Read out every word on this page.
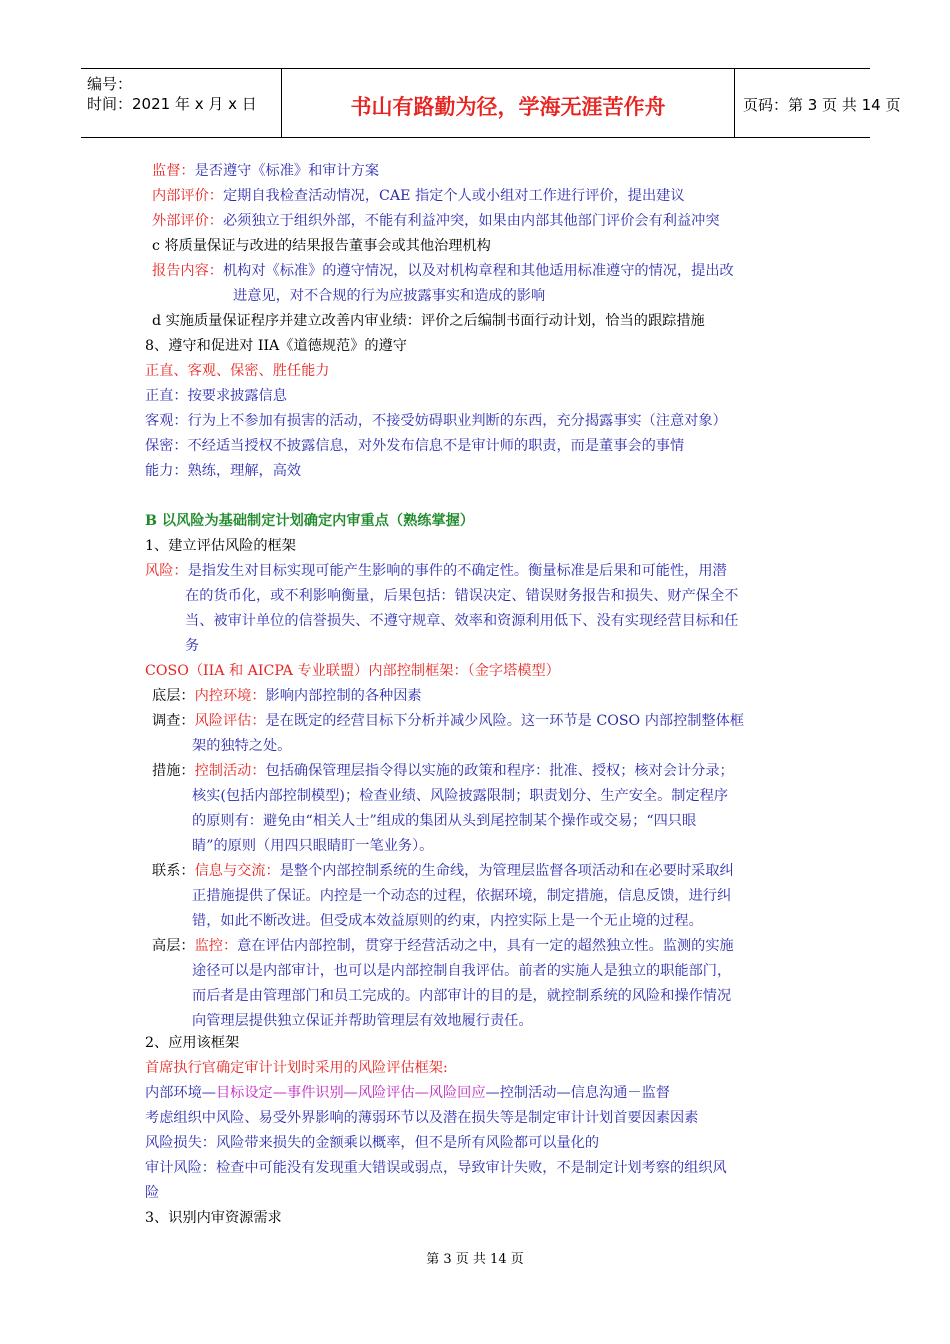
编号：
时间：2021 年 x 月 x 日	书山有路勤为径，学海无涯苦作舟	页码：第 3 页 共 14 页
监督：是否遵守《标准》和审计方案
内部评价：定期自我检查活动情况，CAE 指定个人或小组对工作进行评价，提出建议
外部评价：必须独立于组织外部，不能有利益冲突，如果由内部其他部门评价会有利益冲突
c 将质量保证与改进的结果报告董事会或其他治理机构
报告内容：机构对《标准》的遵守情况，以及对机构章程和其他适用标准遵守的情况，提出改
进意见，对不合规的行为应披露事实和造成的影响
d 实施质量保证程序并建立改善内审业绩：评价之后编制书面行动计划，恰当的跟踪措施
8、遵守和促进对 IIA《道德规范》的遵守
正直、客观、保密、胜任能力
正直：按要求披露信息
客观：行为上不参加有损害的活动，不接受妨碍职业判断的东西，充分揭露事实（注意对象）
保密：不经适当授权不披露信息，对外发布信息不是审计师的职责，而是董事会的事情
能力：熟练，理解，高效
B 以风险为基础制定计划确定内审重点（熟练掌握）
1、建立评估风险的框架
风险：是指发生对目标实现可能产生影响的事件的不确定性。衡量标准是后果和可能性，用潜
在的货币化，或不利影响衡量，后果包括：错误决定、错误财务报告和损失、财产保全不
当、被审计单位的信誉损失、不遵守规章、效率和资源利用低下、没有实现经营目标和任
务
COSO（IIA 和 AICPA 专业联盟）内部控制框架：（金字塔模型）
底层：内控环境：影响内部控制的各种因素
调查：风险评估：是在既定的经营目标下分析并减少风险。这一环节是 COSO 内部控制整体框
架的独特之处。
措施：控制活动：包括确保管理层指令得以实施的政策和程序：批准、授权；核对会计分录；
核实(包括内部控制模型)；检查业绩、风险披露限制；职责划分、生产安全。制定程序
的原则有：避免由“相关人士”组成的集团从头到尾控制某个操作或交易；“四只眼
睛”的原则（用四只眼睛盯一笔业务）。
联系：信息与交流：是整个内部控制系统的生命线，为管理层监督各项活动和在必要时采取纠
正措施提供了保证。内控是一个动态的过程，依据环境，制定措施，信息反馈，进行纠
错，如此不断改进。但受成本效益原则的约束，内控实际上是一个无止境的过程。
高层：监控：意在评估内部控制，贯穿于经营活动之中，具有一定的超然独立性。监测的实施
途径可以是内部审计，也可以是内部控制自我评估。前者的实施人是独立的职能部门，
而后者是由管理部门和员工完成的。内部审计的目的是，就控制系统的风险和操作情况
向管理层提供独立保证并帮助管理层有效地履行责任。
2、应用该框架
首席执行官确定审计计划时采用的风险评估框架:
内部环境—目标设定—事件识别—风险评估—风险回应—控制活动—信息沟通－监督
考虑组织中风险、易受外界影响的薄弱环节以及潜在损失等是制定审计计划首要因素因素
风险损失：风险带来损失的金额乘以概率，但不是所有风险都可以量化的
审计风险：检查中可能没有发现重大错误或弱点，导致审计失败，不是制定计划考察的组织风
险
3、识别内审资源需求
第 3 页 共 14 页
